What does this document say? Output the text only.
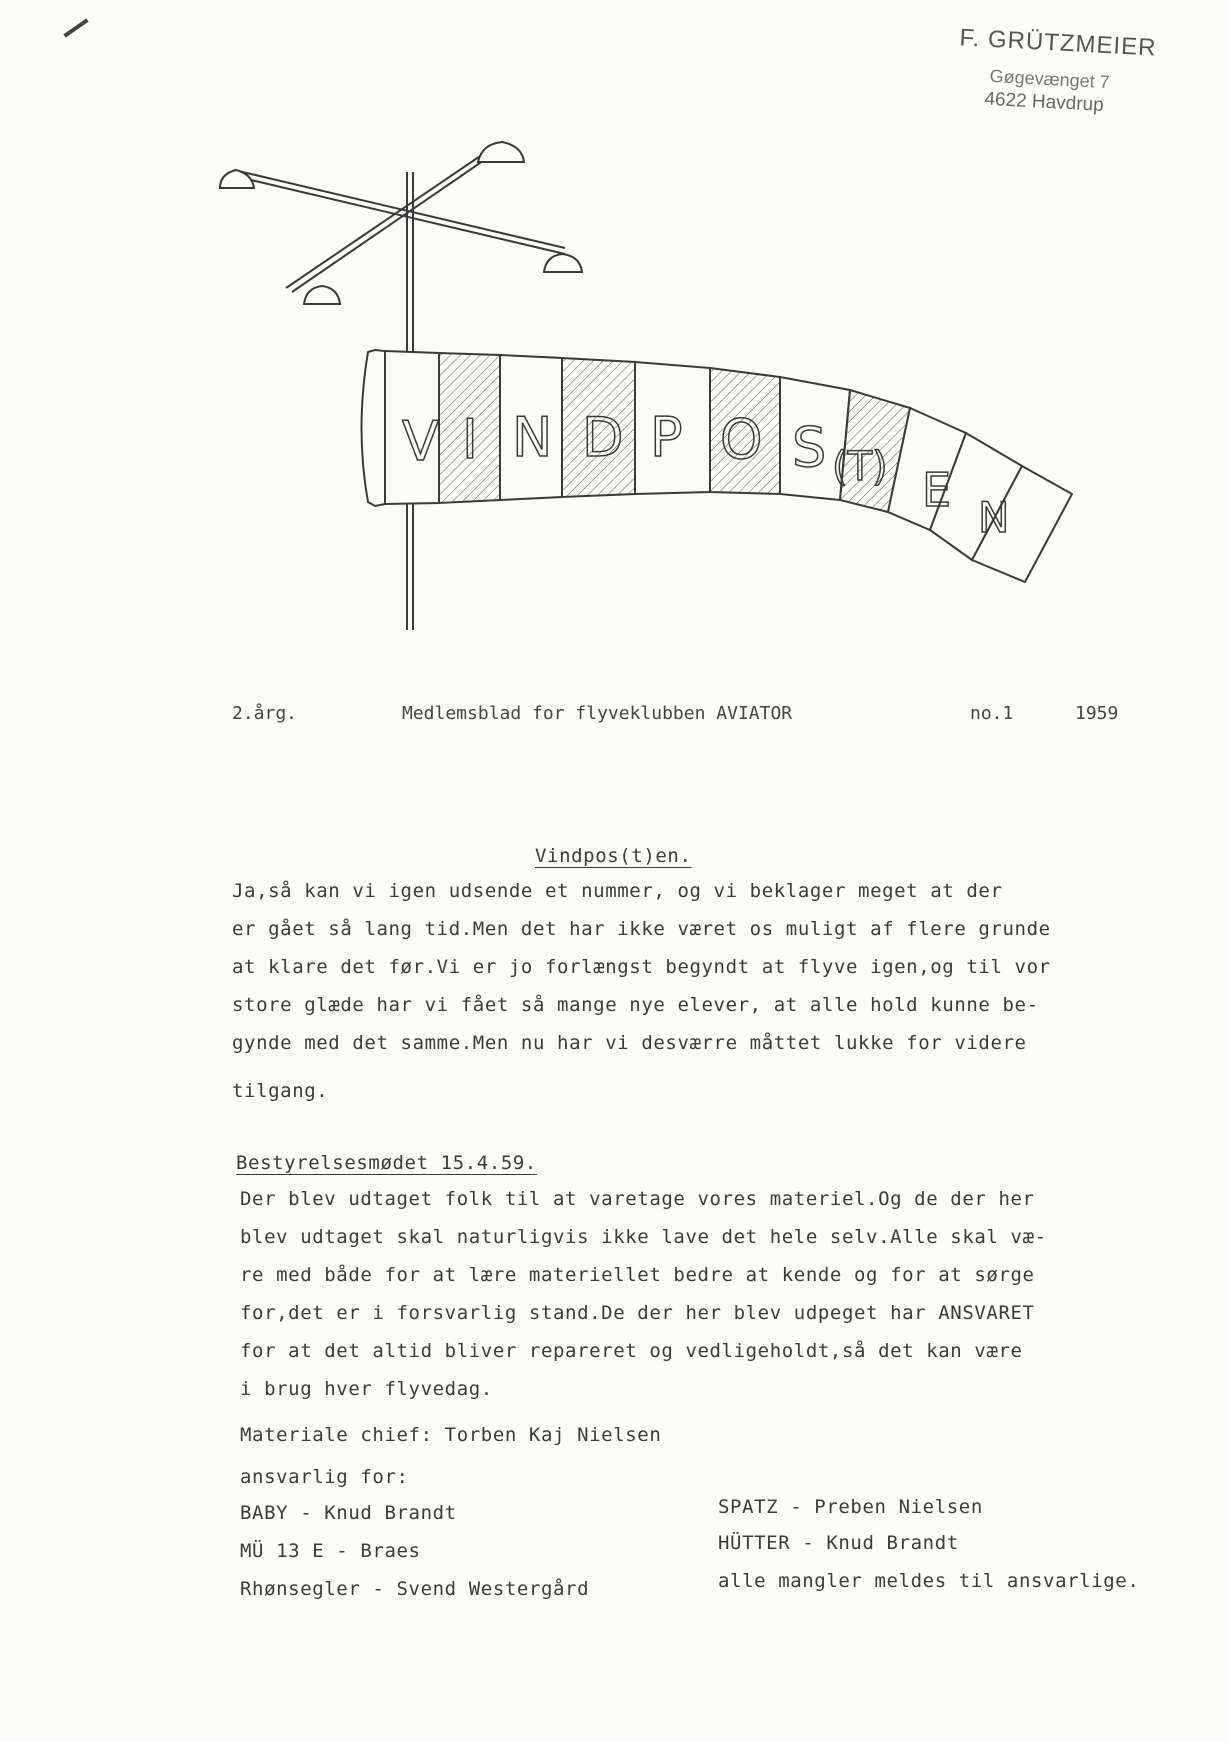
F. GRÜTZMEIER
Gøgevænget 7
4622 Havdrup
V I N D P O S (T) E
N
2.årg.	Medlemsblad for flyveklubben AVIATOR	no.1	1959
Vindpos(t)en.
Ja,så kan vi igen udsende et nummer, og vi beklager meget at der
er gået så lang tid.Men det har ikke været os muligt af flere grunde
at klare det før.Vi er jo forlængst begyndt at flyve igen,og til vor
store glæde har vi fået så mange nye elever, at alle hold kunne be-
gynde med det samme.Men nu har vi desværre måttet lukke for videre
tilgang.
Bestyrelsesmødet 15.4.59.
Der blev udtaget folk til at varetage vores materiel.Og de der her
blev udtaget skal naturligvis ikke lave det hele selv.Alle skal væ-
re med både for at lære materiellet bedre at kende og for at sørge
for,det er i forsvarlig stand.De der her blev udpeget har ANSVARET
for at det altid bliver repareret og vedligeholdt,så det kan være
i brug hver flyvedag.
Materiale chief: Torben Kaj Nielsen
ansvarlig for:
BABY - Knud Brandt
MÜ 13 E - Braes
Rhønsegler - Svend Westergård
SPATZ - Preben Nielsen
HÜTTER - Knud Brandt
alle mangler meldes til ansvarlige.
